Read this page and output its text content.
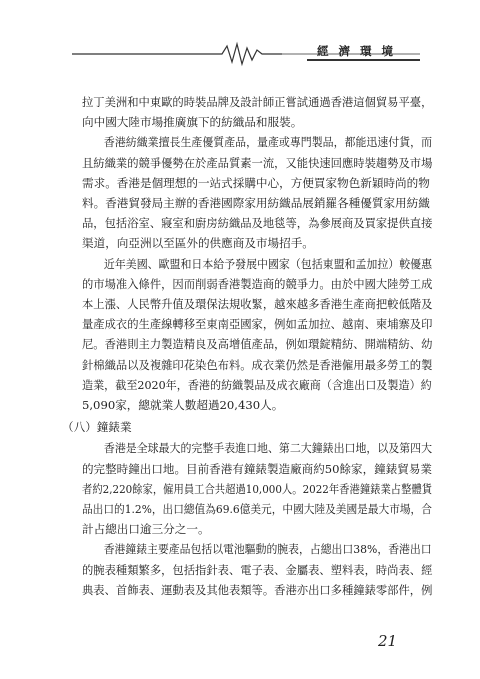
經濟環境

拉丁美洲和中東歐的時裝品牌及設計師正嘗試通過香港這個貿易平臺，
向中國大陸市場推廣旗下的紡織品和服裝。

　　香港紡織業擅長生產優質產品，量產或專門製品，都能迅速付貨，而
且紡織業的競爭優勢在於產品質素一流，又能快速回應時裝趨勢及市場
需求。香港是個理想的一站式採購中心，方便買家物色新穎時尚的物
料。香港貿發局主辦的香港國際家用紡織品展銷羅各種優質家用紡織
品，包括浴室、寢室和廚房紡織品及地毯等，為參展商及買家提供直接
渠道，向亞洲以至區外的供應商及市場招手。

　　近年美國、歐盟和日本給予發展中國家（包括東盟和孟加拉）較優惠
的市場准入條件，因而削弱香港製造商的競爭力。由於中國大陸勞工成
本上漲、人民幣升值及環保法規收緊，越來越多香港生產商把較低階及
量產成衣的生產線轉移至東南亞國家，例如孟加拉、越南、柬埔寨及印
尼。香港則主力製造精良及高增值產品，例如環錠精紡、開端精紡、幼
針棉織品以及複雜印花染色布料。成衣業仍然是香港僱用最多勞工的製
造業，截至2020年，香港的紡織製品及成衣廠商（含進出口及製造）約
5,090家，總就業人數超過20,430人。

（八）鐘錶業

　　香港是全球最大的完整手表進口地、第二大鐘錶出口地，以及第四大
的完整時鐘出口地。目前香港有鐘錶製造廠商約50餘家，鐘錶貿易業
者約2,220餘家，僱用員工合共超過10,000人。2022年香港鐘錶業占整體貨
品出口的1.2%，出口總值為69.6億美元，中國大陸及美國是最大市場，合
計占總出口逾三分之一。

　　香港鐘錶主要產品包括以電池驅動的腕表，占總出口38%，香港出口
的腕表種類繁多，包括指針表、電子表、金屬表、塑料表，時尚表、經
典表、首飾表、運動表及其他表類等。香港亦出口多種鐘錶零部件，例

21
